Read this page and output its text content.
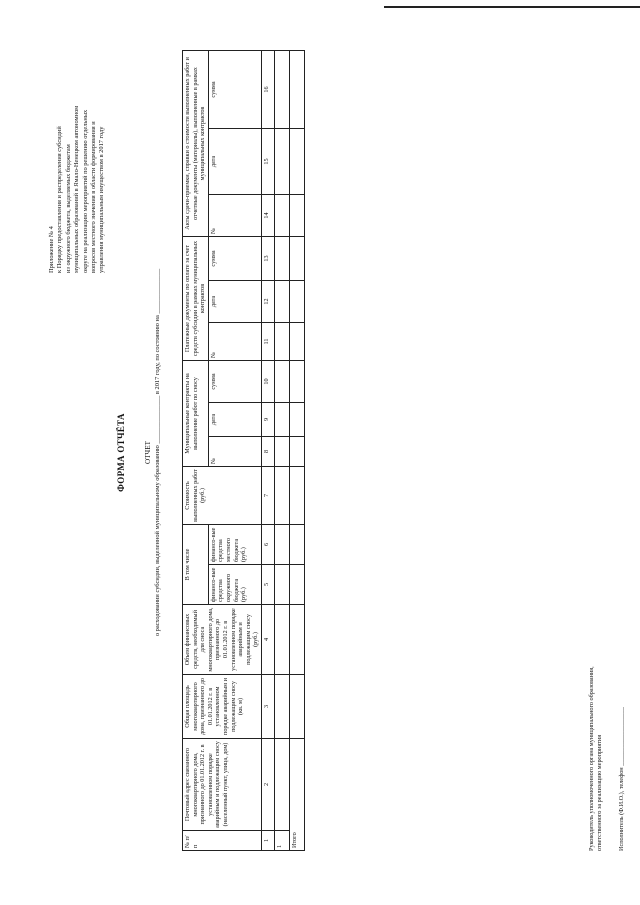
Приложение № 4 к Порядку предоставления и распределения субсидий из окружного бюджета, выделяемых бюджетам муниципальных образований в Ямало-Ненецком автономном округе на реализацию мероприятий по решению отдельных вопросов местного значения в области формирования и управления муниципальным имуществом в 2017 году
ФОРМА ОТЧЁТА	ОТЧЕТ о расходовании субсидии, выделенной муниципальному образованию _______________ в 2017 году, по состоянию на ______________
№ п/п	Почтовый адрес связанного многоквартирного дома, признанного до 01.01.2012 г. в установленном порядке аварийным и подлежащим сносу (населенный пункт, улица, дом)	Общая площадь многоквартирного дома, признанного до 01.01.2012 г. в установленном порядке аварийным и подлежащим сносу (кв. м)	Объем финансовых средств, необходимый для сноса многоквартирного дома, признанного до 01.01.2012 г. в установленном порядке аварийным и подлежащим сносу (руб.)	В том числе		Стоимость выполненных работ (руб.)	Муниципальные контракты на выполнение работ по сносу			Платежные документы по оплате за счет средств субсидии в рамках муниципальных контрактов			Акты сдачи-приемки, справки о стоимости выполненных работ и отчетные документы (материалы), выполненные в рамках муниципальных контрактов		
				финансо-вые средства окружного бюджета (руб.)	финансо-вые средства местного бюджета (руб.)		№	дата	сумма	№	дата	сумма	№	дата	сумма

1	2	3	4	5	6	7	8	9	10	11	12	13	14	15	16
1															
Итого																Руководитель уполномоченного органа муниципального образования, ответственного за реализацию мероприятия Исполнитель (Ф.И.О.), телефон ___________________
